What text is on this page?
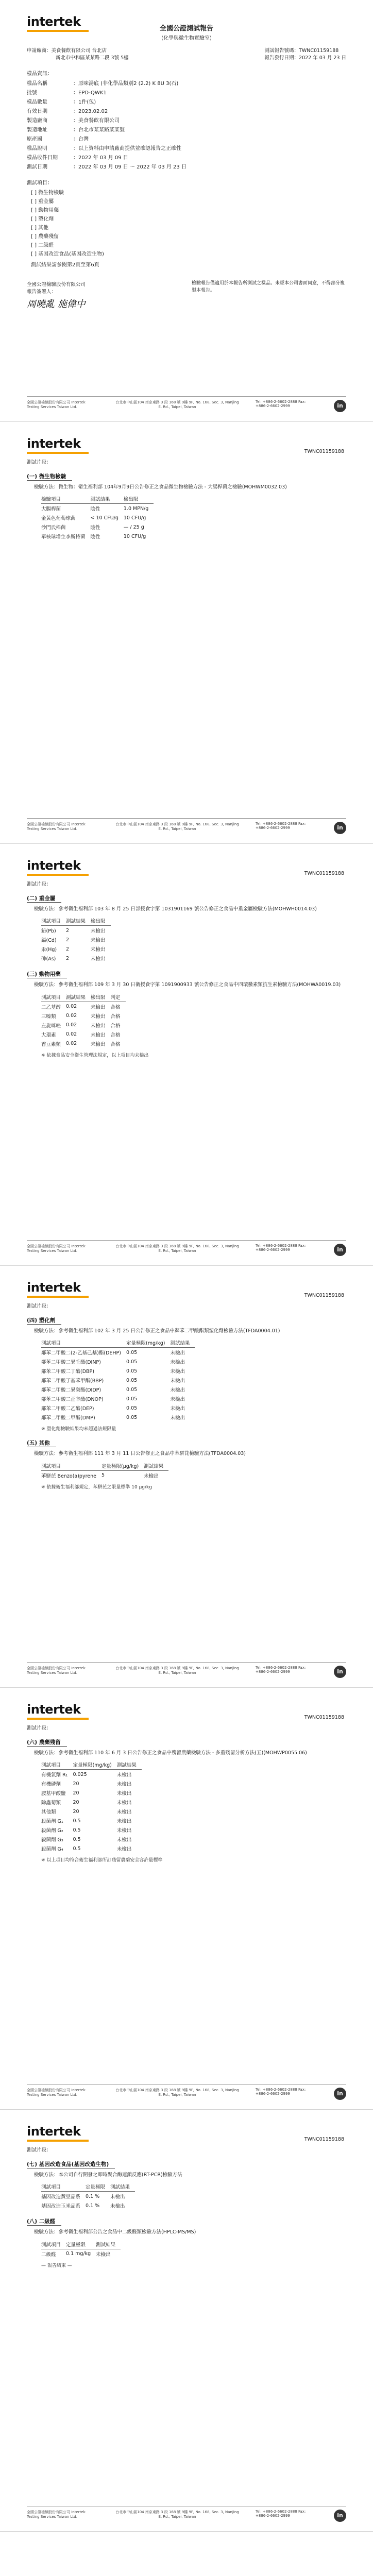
intertek	全國公證測試報告
(化學與微生物實驗室)
申請廠商：美食餐飲有限公司 台北店
新北市中和區某某路二段 3號 5樓
測試報告號碼：TWNC01159188
報告發行日期：2022 年 03 月 23 日
樣品資訊：
樣品名稱	：原味湯底 (非化學品類別2 (2.2) K 8U 3(石)
批號	：EPD-QWK1
樣品數量	：1件(包)
有效日期	：2023.02.02
製造廠商	：美食餐飲有限公司
製造地址	：台北市某某路某某號
原產國	：台灣
樣品說明	：以上資料由申請廠商提供並確認報告之正確性
樣品收件日期	：2022 年 03 月 09 日
測試日期	：2022 年 03 月 09 日 ～ 2022 年 03 月 23 日
測試項目：
[ ] 微生物檢驗
[ ] 重金屬
[ ] 動物用藥
[ ] 塑化劑
[ ] 其他
[ ] 農藥殘留
[ ] 二級醛
[ ] 基因改造食品(基因改造生物)
測試結果請參閱第2頁至第6頁
全國公證檢驗股份有限公司
報告簽署人：
周曉亂 施偉中
檢驗報告僅適用於本報告所測試之樣品。未經本公司書面同意，不得部分複製本報告。
全國公證檢驗股份有限公司 Intertek Testing Services Taiwan Ltd.
台北市中山區104 南京東路 3 段 168 號 9樓 9F, No. 168, Sec. 3, Nanjing E. Rd., Taipei, Taiwan
Tel: +886-2-6602-2888 Fax: +886-2-6602-2999	in
intertek
TWNC01159188
測試片段：
(一) 微生物檢驗
檢驗方法：微生物：衛生福利部 104年9月9日公告修正之食品微生物檢驗方法 - 大腸桿菌之檢驗(MOHWM0032.03)
檢驗項目	測試結果	檢出限
大腸桿菌	陰性	1.0 MPN/g
金黃色葡萄球菌	< 10 CFU/g	10 CFU/g
沙門氏桿菌	陰性	— / 25 g
單核球增生李斯特菌	陰性	10 CFU/g
全國公證檢驗股份有限公司 Intertek Testing Services Taiwan Ltd.
台北市中山區104 南京東路 3 段 168 號 9樓 9F, No. 168, Sec. 3, Nanjing E. Rd., Taipei, Taiwan
Tel: +886-2-6602-2888 Fax: +886-2-6602-2999	in
intertek
TWNC01159188
測試片段：
(二) 重金屬
檢驗方法：參考衛生福利部 103 年 8 月 25 日部授食字第 1031901169 號公告修正之食品中重金屬檢驗方法(MOHWH0014.03)
測試項目	測試結果	檢出限
鉛(Pb)	2	未檢出
鎘(Cd)	2	未檢出
汞(Hg)	2	未檢出
砷(As)	2	未檢出
(三) 動物用藥
檢驗方法：參考衛生福利部 109 年 3 月 30 日衛授食字第 1091900933 號公告修正之食品中四環黴素類抗生素檢驗方法(MOHWA0019.03)
測試項目	測試結果	檢出限	判定
二乙基醇	0.02	未檢出	合格
三嗪類	0.02	未檢出	合格
左旋咪唑	0.02	未檢出	合格
大環素	0.02	未檢出	合格
香豆素類	0.02	未檢出	合格
※ 依據食品安全衛生管理法規定，以上項目均未檢出
全國公證檢驗股份有限公司 Intertek Testing Services Taiwan Ltd.
台北市中山區104 南京東路 3 段 168 號 9樓 9F, No. 168, Sec. 3, Nanjing E. Rd., Taipei, Taiwan
Tel: +886-2-6602-2888 Fax: +886-2-6602-2999	in
intertek
TWNC01159188
測試片段：
(四) 塑化劑
檢驗方法：參考衛生福利部 102 年 3 月 25 日公告修正之食品中鄰苯二甲酸酯類塑化劑檢驗方法(TFDA0004.01)
測試項目	定量極限(mg/kg)	測試結果
鄰苯二甲酸二(2-乙基己基)酯(DEHP)	0.05	未檢出
鄰苯二甲酸二異壬酯(DINP)	0.05	未檢出
鄰苯二甲酸二丁酯(DBP)	0.05	未檢出
鄰苯二甲酸丁基苯甲酯(BBP)	0.05	未檢出
鄰苯二甲酸二異癸酯(DIDP)	0.05	未檢出
鄰苯二甲酸二正辛酯(DNOP)	0.05	未檢出
鄰苯二甲酸二乙酯(DEP)	0.05	未檢出
鄰苯二甲酸二甲酯(DMP)	0.05	未檢出
※ 塑化劑檢驗結果均未超過法規限量
(五) 其他
檢驗方法：參考衛生福利部 111 年 3 月 11 日公告修正之食品中苯駢芘檢驗方法(TFDA0004.03)
測試項目	定量極限(μg/kg)	測試結果
苯駢芘 Benzo(a)pyrene	5	未檢出
※ 依據衛生福利部規定，苯駢芘之限量標準 10 μg/kg
全國公證檢驗股份有限公司 Intertek Testing Services Taiwan Ltd.
台北市中山區104 南京東路 3 段 168 號 9樓 9F, No. 168, Sec. 3, Nanjing E. Rd., Taipei, Taiwan
Tel: +886-2-6602-2888 Fax: +886-2-6602-2999	in
intertek
TWNC01159188
測試片段：
(六) 農藥殘留
檢驗方法：參考衛生福利部 110 年 6 月 3 日公告修正之食品中殘留農藥檢驗方法 - 多重殘留分析方法(五)(MOHWP0055.06)
測試項目	定量極限(mg/kg)	測試結果
有機氯劑 R₁	0.025	未檢出
有機磷劑	20	未檢出
胺基甲酸鹽	20	未檢出
除蟲菊類	20	未檢出
其他類	20	未檢出
殺菌劑 G₁	0.5	未檢出
殺菌劑 G₂	0.5	未檢出
殺菌劑 G₃	0.5	未檢出
殺菌劑 G₄	0.5	未檢出
※ 以上項目均符合衛生福利部所訂殘留農藥安全容許量標準
全國公證檢驗股份有限公司 Intertek Testing Services Taiwan Ltd.
台北市中山區104 南京東路 3 段 168 號 9樓 9F, No. 168, Sec. 3, Nanjing E. Rd., Taipei, Taiwan
Tel: +886-2-6602-2888 Fax: +886-2-6602-2999	in
intertek
TWNC01159188
測試片段：
(七) 基因改造食品(基因改造生物)
檢驗方法：本公司自行開發之即時聚合酶連鎖反應(RT-PCR)檢驗方法
測試項目	定量極限	測試結果
基因改造黃豆品系	0.1 %	未檢出
基因改造玉米品系	0.1 %	未檢出
(八) 二級醛
檢驗方法：參考衛生福利部公告之食品中二級醛類檢驗方法(HPLC-MS/MS)
測試項目	定量極限	測試結果
二級醛	0.1 mg/kg	未檢出
— 報告結束 —
全國公證檢驗股份有限公司 Intertek Testing Services Taiwan Ltd.
台北市中山區104 南京東路 3 段 168 號 9樓 9F, No. 168, Sec. 3, Nanjing E. Rd., Taipei, Taiwan
Tel: +886-2-6602-2888 Fax: +886-2-6602-2999	in
